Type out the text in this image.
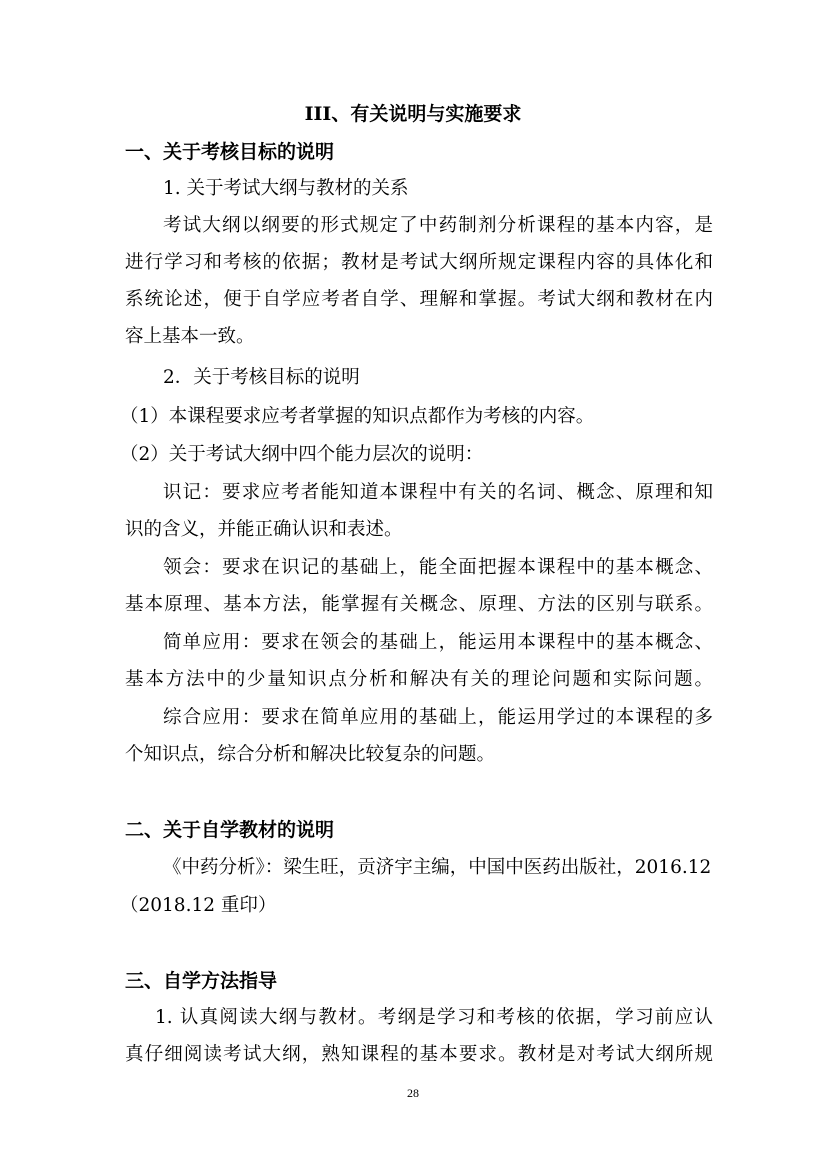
III、有关说明与实施要求
一、关于考核目标的说明
1. 关于考试大纲与教材的关系
考试大纲以纲要的形式规定了中药制剂分析课程的基本内容，是
进行学习和考核的依据；教材是考试大纲所规定课程内容的具体化和
系统论述，便于自学应考者自学、理解和掌握。考试大纲和教材在内
容上基本一致。
2．关于考核目标的说明
（1）本课程要求应考者掌握的知识点都作为考核的内容。
（2）关于考试大纲中四个能力层次的说明：
识记：要求应考者能知道本课程中有关的名词、概念、原理和知
识的含义，并能正确认识和表述。
领会：要求在识记的基础上，能全面把握本课程中的基本概念、
基本原理、基本方法，能掌握有关概念、原理、方法的区别与联系。
简单应用：要求在领会的基础上，能运用本课程中的基本概念、
基本方法中的少量知识点分析和解决有关的理论问题和实际问题。
综合应用：要求在简单应用的基础上，能运用学过的本课程的多
个知识点，综合分析和解决比较复杂的问题。
二、关于自学教材的说明
《中药分析》：梁生旺，贡济宇主编，中国中医药出版社，2016.12
（2018.12 重印）
三、自学方法指导
1. 认真阅读大纲与教材。考纲是学习和考核的依据，学习前应认
真仔细阅读考试大纲，熟知课程的基本要求。教材是对考试大纲所规
28
